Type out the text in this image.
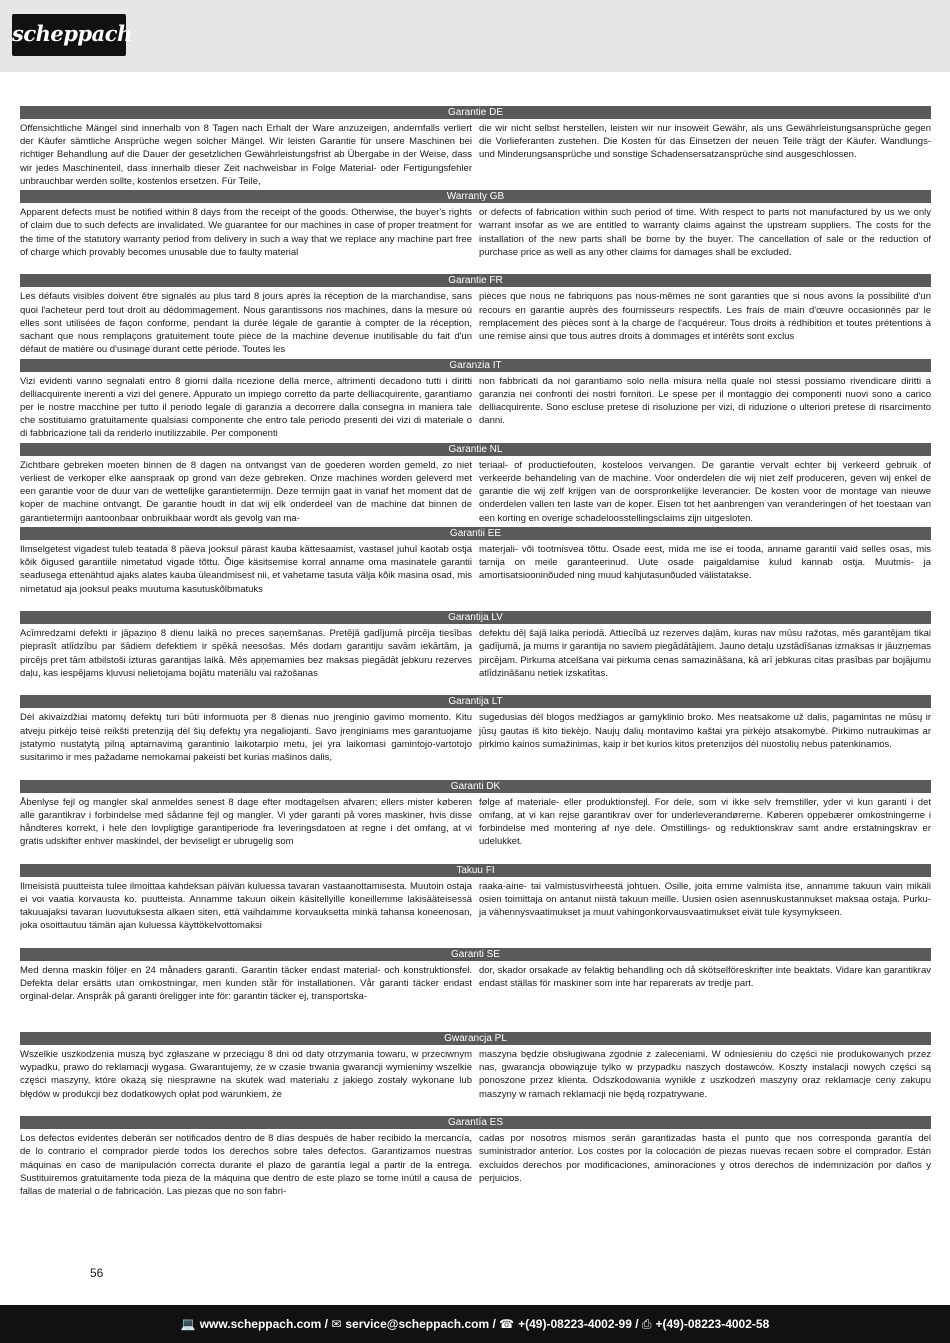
scheppach
Garantie DE
Offensichtliche Mängel sind innerhalb von 8 Tagen nach Erhalt der Ware anzuzeigen, andernfalls verliert der Käufer sämtliche Ansprüche wegen solcher Mängel. Wir leisten Garantie für unsere Maschinen bei richtiger Behandlung auf die Dauer der gesetzlichen Gewährleistungsfrist ab Übergabe in der Weise, dass wir jedes Maschinenteil, dass innerhalb dieser Zeit nachweisbar in Folge Material- oder Fertigungsfehler unbrauchbar werden sollte, kostenlos ersetzen. Für Teile,
die wir nicht selbst herstellen, leisten wir nur insoweit Gewähr, als uns Gewährleistungsansprüche gegen die Vorlieferanten zustehen. Die Kosten für das Einsetzen der neuen Teile trägt der Käufer. Wandlungs- und Minderungsansprüche und sonstige Schadensersatzansprüche sind ausgeschlossen.
Warranty GB
Apparent defects must be notified within 8 days from the receipt of the goods. Otherwise, the buyer's rights of claim due to such defects are invalidated. We guarantee for our machines in case of proper treatment for the time of the statutory warranty period from delivery in such a way that we replace any machine part free of charge which provably becomes unusable due to faulty material
or defects of fabrication within such period of time. With respect to parts not manufactured by us we only warrant insofar as we are entitled to warranty claims against the upstream suppliers. The costs for the installation of the new parts shall be borne by the buyer. The cancellation of sale or the reduction of purchase price as well as any other claims for damages shall be excluded.
Garantie FR
Les défauts visibles doivent être signalés au plus tard 8 jours après la réception de la marchandise, sans quoi l'acheteur perd tout droit au dédommagement. Nous garantissons nos machines, dans la mesure où elles sont utilisées de façon conforme, pendant la durée légale de garantie à compter de la réception, sachant que nous remplaçons gratuitement toute pièce de la machine devenue inutilisable du fait d'un défaut de matière ou d'usinage durant cette période. Toutes les
pièces que nous ne fabriquons pas nous-mêmes ne sont garanties que si nous avons la possibilité d'un recours en garantie auprès des fournisseurs respectifs. Les frais de main d'œuvre occasionnés par le remplacement des pièces sont à la charge de l'acquéreur. Tous droits à rédhibition et toutes prétentions à une remise ainsi que tous autres droits à dommages et intérêts sont exclus
Garanzia IT
Vizi evidenti vanno segnalati entro 8 giorni dalla ricezione della merce, altrimenti decadono tutti i diritti delliacquirente inerenti a vizi del genere. Appurato un impiego corretto da parte delliacquirente, garantiamo per le nostre macchine per tutto il periodo legale di garanzia a decorrere dalla consegna in maniera tale che sostituiamo gratuitamente qualsiasi componente che entro tale periodo presenti dei vizi di materiale o di fabbricazione tali da renderlo inutilizzabile. Per componenti
non fabbricati da noi garantiamo solo nella misura nella quale noi stessi possiamo rivendicare diritti a garanzia nei confronti dei nostri fornitori. Le spese per il montaggio dei componenti nuovi sono a carico delliacquirente. Sono escluse pretese di risoluzione per vizi, di riduzione o ulteriori pretese di risarcimento danni.
Garantie NL
Zichtbare gebreken moeten binnen de 8 dagen na ontvangst van de goederen worden gemeld, zo niet verliest de verkoper elke aanspraak op grond van deze gebreken. Onze machines worden geleverd met een garantie voor de duur van de wettelijke garantietermijn. Deze termijn gaat in vanaf het moment dat de koper de machine ontvangt. De garantie houdt in dat wij elk onderdeel van de machine dat binnen de garantietermijn aantoonbaar onbruikbaar wordt als gevolg van ma-
teriaal- of productiefouten, kosteloos vervangen. De garantie vervalt echter bij verkeerd gebruik of verkeerde behandeling van de machine. Voor onderdelen die wij niet zelf produceren, geven wij enkel de garantie die wij zelf krijgen van de oorspronkelijke leverancier. De kosten voor de montage van nieuwe onderdelen vallen ten laste van de koper. Eisen tot het aanbrengen van veranderingen of het toestaan van een korting en overige schadeloosstellingsclaims zijn uitgesloten.
Garantii EE
Ilmselgetest vigadest tuleb teatada 8 päeva jooksul pärast kauba kättesaamist, vastasel juhul kaotab ostja kõik õigused garantiile nimetatud vigade tõttu. Õige käsitsemise korral anname oma masinatele garantii seadusega ettenähtud ajaks alates kauba üleandmisest nii, et vahetame tasuta välja kõik masina osad, mis nimetatud aja jooksul peaks muutuma kasutuskõlbmatuks
materjali- või tootmisvea tõttu. Osade eest, mida me ise ei tooda, anname garantii vaid selles osas, mis tarnija on meile garanteerinud. Uute osade paigaldamise kulud kannab ostja. Muutmis- ja amortisatsiooninõuded ning muud kahjutasunõuded välistatakse.
Garantija LV
Acīmredzami defekti ir jāpaziņo 8 dienu laikā no preces saņemšanas. Pretējā gadījumā pircēja tiesības pieprasīt atlīdzību par šādiem defektiem ir spēkā neesošas. Mēs dodam garantiju savām iekārtām, ja pircējs pret tām atbilstoši izturas garantijas laikā. Mēs apņemamies bez maksas piegādāt jebkuru rezerves daļu, kas iespējams kļuvusi nelietojama bojātu materiālu vai ražošanas
defektu dēļ šajā laika periodā. Attiecībā uz rezerves daļām, kuras nav mūsu ražotas, mēs garantējam tikai gadījumā, ja mums ir garantija no saviem piegādātājiem. Jauno detaļu uzstādīšanas izmaksas ir jāuzņemas pircējam. Pirkuma atcelšana vai pirkuma cenas samazināšana, kā arī jebkuras citas prasības par bojājumu atlīdzināšanu netiek izskatītas.
Garantija LT
Dėl akivaizdžiai matomų defektų turi būti informuota per 8 dienas nuo įrenginio gavimo momento. Kitu atveju pirkėjo teisė reikšti pretenziją dėl šių defektų yra negaliojanti. Savo įrenginiams mes garantuojame įstatymo nustatytą pilną aptarnavimą garantinio laikotarpio metu, jei yra laikomasi gamintojo-vartotojo susitarimo ir mes pažadame nemokamai pakeisti bet kurias mašinos dalis,
sugedusias dėl blogos medžiagos ar gamyklinio broko. Mes neatsakome už dalis, pagamintas ne mūsų ir jūsų gautas iš kito tiekėjo. Naujų dalių montavimo kaštai yra pirkėjo atsakomybė. Pirkimo nutraukimas ar pirkimo kainos sumažinimas, kaip ir bet kurios kitos pretenzijos dėl nuostolių nebus patenkinamos.
Garanti DK
Åbenlyse fejl og mangler skal anmeldes senest 8 dage efter modtagelsen afvaren; ellers mister køberen alle garantikrav i forbindelse med sådanne fejl og mangler. Vi yder garanti på vores maskiner, hvis disse håndteres korrekt, i hele den lovpligtige garantiperiode fra leveringsdatoen at regne i det omfang, at vi gratis udskifter enhver maskindel, der beviseligt er ubrugelig som
følge af materiale- eller produktionsfejl. For dele, som vi ikke selv fremstiller, yder vi kun garanti i det omfang, at vi kan rejse garantikrav over for underleverandørerne. Køberen oppebærer omkostningerne i forbindelse med montering af nye dele. Omstillings- og reduktionskrav samt andre erstatningskrav er udelukket.
Takuu FI
Ilmeisistä puutteista tulee ilmoittaa kahdeksan päivän kuluessa tavaran vastaanottamisesta. Muutoin ostaja ei voi vaatia korvausta ko. puutteista. Annamme takuun oikein käsitellyille koneillemme lakisääteisessä takuuajaksi tavaran luovutuksesta alkaen siten, että vaihdamme korvauksetta minkä tahansa koneenosan, joka osoittautuu tämän ajan kuluessa käyttökelvottomaksi
raaka-aine- tai valmistusvirheestä johtuen. Osille, joita emme valmista itse, annamme takuun vain mikäli osien toimittaja on antanut niistä takuun meille. Uusien osien asennuskustannukset maksaa ostaja. Purku- ja vähennysvaatimukset ja muut vahingonkorvausvaatimukset eivät tule kysymykseen.
Garanti SE
Med denna maskin följer en 24 månaders garanti. Garantin täcker endast material- och konstruktionsfel. Defekta delar ersätts utan omkostningar, men kunden står för installationen. Vår garanti täcker endast orginal-delar. Anspråk på garanti öreligger inte för: garantin täcker ej, transportska-
dor, skador orsakade av felaktig behandling och då skötselföreskrifter inte beaktats. Vidare kan garantikrav endast ställas för maskiner som inte har reparerats av tredje part.
Gwarancja PL
Wszelkie uszkodzenia muszą być zgłaszane w przeciągu 8 dni od daty otrzymania towaru, w przeciwnym wypadku, prawo do reklamacji wygasa. Gwarantujemy, że w czasie trwania gwarancji wymienimy wszelkie części maszyny, które okażą się niesprawne na skutek wad materiału z jakiego zostały wykonane lub błędów w produkcji bez dodatkowych opłat pod warunkiem, że
maszyna będzie obsługiwana zgodnie z zaleceniami. W odniesieniu do części nie produkowanych przez nas, gwarancja obowiązuje tylko w przypadku naszych dostawców. Koszty instalacji nowych części są ponoszone przez klienta. Odszkodowania wynikłe z uszkodzeń maszyny oraz reklamacje ceny zakupu maszyny w ramach reklamacji nie będą rozpatrywane.
Garantía ES
Los defectos evidentes deberán ser notificados dentro de 8 días después de haber recibido la mercancía, de lo contrario el comprador pierde todos los derechos sobre tales defectos. Garantizamos nuestras máquinas en caso de manipulación correcta durante el plazo de garantía legal a partir de la entrega. Sustituiremos gratuitamente toda pieza de la máquina que dentro de este plazo se torne inútil a causa de fallas de material o de fabricación. Las piezas que no son fabri-
cadas por nosotros mismos serán garantizadas hasta el punto que nos corresponda garantía del suministrador anterior. Los costes por la colocación de piezas nuevas recaen sobre el comprador. Están excluidos derechos por modificaciones, aminoraciones y otros derechos de indemnización por daños y perjuicios.
56
💻 www.scheppach.com / ✉ service@scheppach.com / ☎ +(49)-08223-4002-99 / ⎙ +(49)-08223-4002-58
